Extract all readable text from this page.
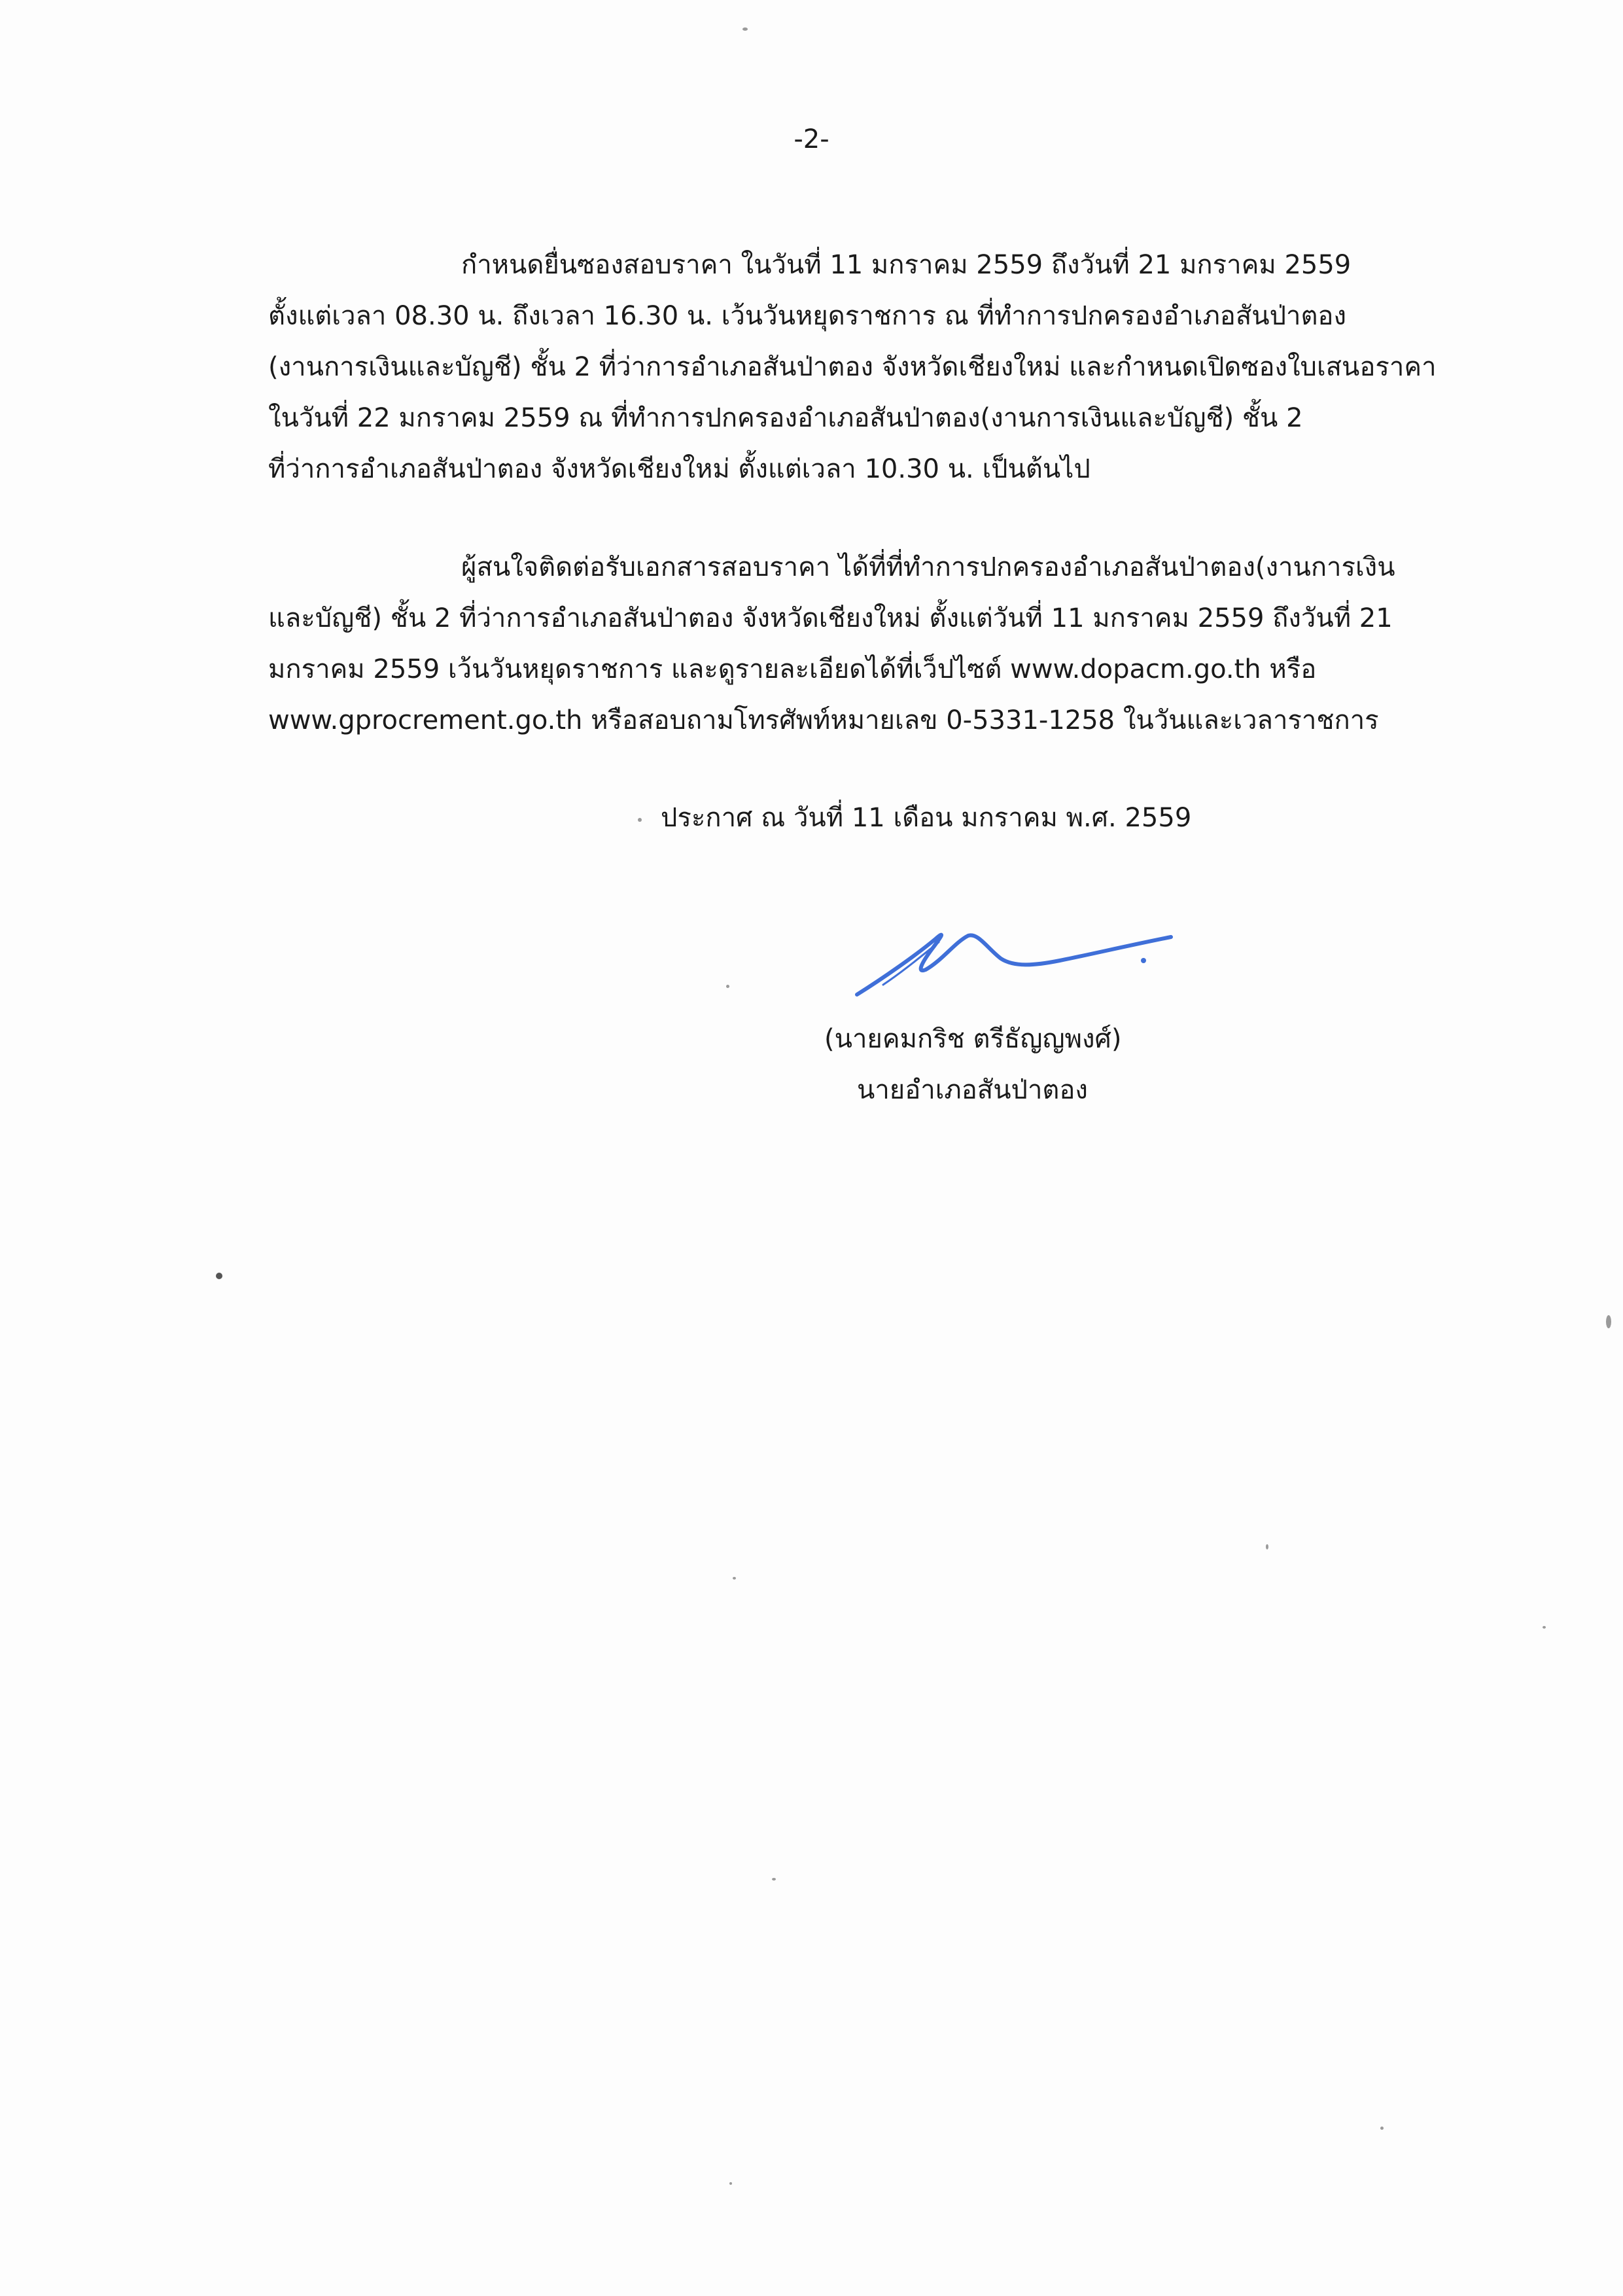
-2-
กำหนดยื่นซองสอบราคา ในวันที่ 11 มกราคม 2559 ถึงวันที่ 21 มกราคม 2559
ตั้งแต่เวลา 08.30 น. ถึงเวลา 16.30 น. เว้นวันหยุดราชการ ณ ที่ทำการปกครองอำเภอสันป่าตอง
(งานการเงินและบัญชี) ชั้น 2 ที่ว่าการอำเภอสันป่าตอง จังหวัดเชียงใหม่ และกำหนดเปิดซองใบเสนอราคา
ในวันที่ 22 มกราคม 2559 ณ ที่ทำการปกครองอำเภอสันป่าตอง(งานการเงินและบัญชี) ชั้น 2
ที่ว่าการอำเภอสันป่าตอง จังหวัดเชียงใหม่ ตั้งแต่เวลา 10.30 น. เป็นต้นไป
ผู้สนใจติดต่อรับเอกสารสอบราคา ได้ที่ที่ทำการปกครองอำเภอสันป่าตอง(งานการเงิน
และบัญชี) ชั้น 2 ที่ว่าการอำเภอสันป่าตอง จังหวัดเชียงใหม่ ตั้งแต่วันที่ 11 มกราคม 2559 ถึงวันที่ 21
มกราคม 2559 เว้นวันหยุดราชการ และดูรายละเอียดได้ที่เว็ปไซต์ www.dopacm.go.th หรือ
www.gprocrement.go.th หรือสอบถามโทรศัพท์หมายเลข 0-5331-1258 ในวันและเวลาราชการ
ประกาศ ณ วันที่ 11 เดือน มกราคม พ.ศ. 2559
(นายคมกริช ตรีธัญญพงศ์)
นายอำเภอสันป่าตอง
